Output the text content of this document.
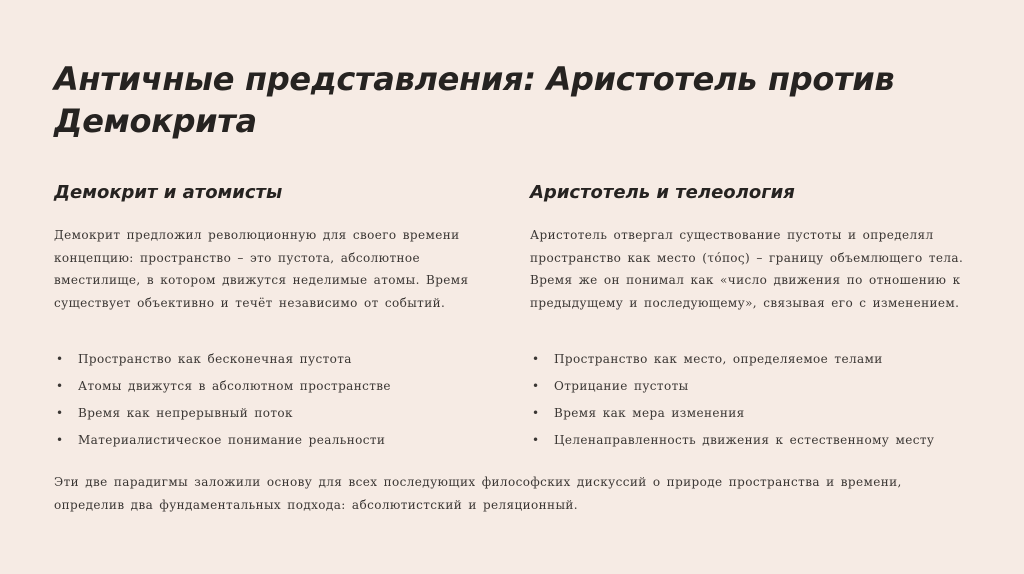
Античные представления: Аристотель против Демокрита
Демокрит и атомисты

Демокрит предложил революционную для своего времени концепцию: пространство – это пустота, абсолютное вместилище, в котором движутся неделимые атомы. Время существует объективно и течёт независимо от событий.

• Пространство как бесконечная пустота
• Атомы движутся в абсолютном пространстве
• Время как непрерывный поток
• Материалистическое понимание реальности
Аристотель и телеология

Аристотель отвергал существование пустоты и определял пространство как место (τόπος) – границу объемлющего тела. Время же он понимал как «число движения по отношению к предыдущему и последующему», связывая его с изменением.

• Пространство как место, определяемое телами
• Отрицание пустоты
• Время как мера изменения
• Целенаправленность движения к естественному месту

Эти две парадигмы заложили основу для всех последующих философских дискуссий о природе пространства и времени, определив два фундаментальных подхода: абсолютистский и реляционный.
